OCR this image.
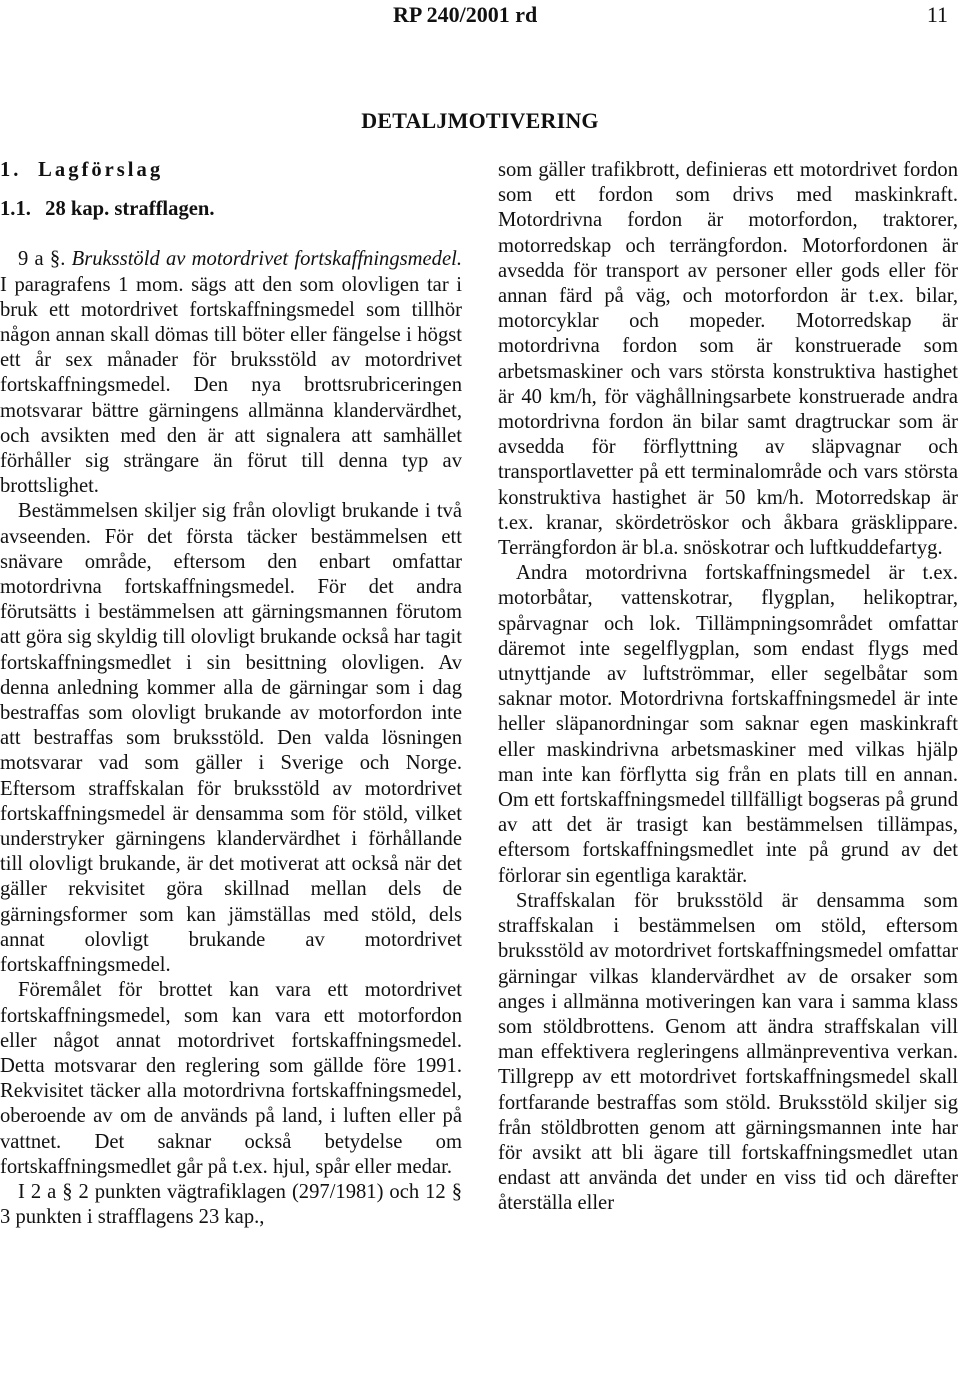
RP 240/2001 rd	11
DETALJMOTIVERING
1. Lagförslag
1.1. 28 kap. strafflagen.

9 a §. Bruksstöld av motordrivet fortskaffningsmedel. I paragrafens 1 mom. sägs att den som olovligen tar i bruk ett motordrivet fortskaffningsmedel som tillhör någon annan skall dömas till böter eller fängelse i högst ett år sex månader för bruksstöld av motordrivet fortskaffningsmedel. Den nya brottsrubriceringen motsvarar bättre gärningens allmänna klandervärdhet, och avsikten med den är att signalera att samhället förhåller sig strängare än förut till denna typ av brottslighet.

Bestämmelsen skiljer sig från olovligt brukande i två avseenden. För det första täcker bestämmelsen ett snävare område, eftersom den enbart omfattar motordrivna fortskaffningsmedel. För det andra förutsätts i bestämmelsen att gärningsmannen förutom att göra sig skyldig till olovligt brukande också har tagit fortskaffningsmedlet i sin besittning olovligen. Av denna anledning kommer alla de gärningar som i dag bestraffas som olovligt brukande av motorfordon inte att bestraffas som bruksstöld. Den valda lösningen motsvarar vad som gäller i Sverige och Norge. Eftersom straffskalan för bruksstöld av motordrivet fortskaffningsmedel är densamma som för stöld, vilket understryker gärningens klandervärdhet i förhållande till olovligt brukande, är det motiverat att också när det gäller rekvisitet göra skillnad mellan dels de gärningsformer som kan jämställas med stöld, dels annat olovligt brukande av motordrivet fortskaffningsmedel.

Föremålet för brottet kan vara ett motordrivet fortskaffningsmedel, som kan vara ett motorfordon eller något annat motordrivet fortskaffningsmedel. Detta motsvarar den reglering som gällde före 1991. Rekvisitet täcker alla motordrivna fortskaffningsmedel, oberoende av om de används på land, i luften eller på vattnet. Det saknar också betydelse om fortskaffningsmedlet går på t.ex. hjul, spår eller medar.

I 2 a § 2 punkten vägtrafiklagen (297/1981) och 12 § 3 punkten i strafflagens 23 kap.,

som gäller trafikbrott, definieras ett motordrivet fordon som ett fordon som drivs med maskinkraft. Motordrivna fordon är motorfordon, traktorer, motorredskap och terrängfordon. Motorfordonen är avsedda för transport av personer eller gods eller för annan färd på väg, och motorfordon är t.ex. bilar, motorcyklar och mopeder. Motorredskap är motordrivna fordon som är konstruerade som arbetsmaskiner och vars största konstruktiva hastighet är 40 km/h, för väghållningsarbete konstruerade andra motordrivna fordon än bilar samt dragtruckar som är avsedda för förflyttning av släpvagnar och transportlavetter på ett terminalområde och vars största konstruktiva hastighet är 50 km/h. Motorredskap är t.ex. kranar, skördetröskor och åkbara gräsklippare. Terrängfordon är bl.a. snöskotrar och luftkuddefartyg.

Andra motordrivna fortskaffningsmedel är t.ex. motorbåtar, vattenskotrar, flygplan, helikoptrar, spårvagnar och lok. Tillämpningsområdet omfattar däremot inte segelflygplan, som endast flygs med utnyttjande av luftströmmar, eller segelbåtar som saknar motor. Motordrivna fortskaffningsmedel är inte heller släpanordningar som saknar egen maskinkraft eller maskindrivna arbetsmaskiner med vilkas hjälp man inte kan förflytta sig från en plats till en annan. Om ett fortskaffningsmedel tillfälligt bogseras på grund av att det är trasigt kan bestämmelsen tillämpas, eftersom fortskaffningsmedlet inte på grund av det förlorar sin egentliga karaktär.

Straffskalan för bruksstöld är densamma som straffskalan i bestämmelsen om stöld, eftersom bruksstöld av motordrivet fortskaffningsmedel omfattar gärningar vilkas klandervärdhet av de orsaker som anges i allmänna motiveringen kan vara i samma klass som stöldbrottens. Genom att ändra straffskalan vill man effektivera regleringens allmänpreventiva verkan. Tillgrepp av ett motordrivet fortskaffningsmedel skall fortfarande bestraffas som stöld. Bruksstöld skiljer sig från stöldbrotten genom att gärningsmannen inte har för avsikt att bli ägare till fortskaffningsmedlet utan endast att använda det under en viss tid och därefter återställa eller
